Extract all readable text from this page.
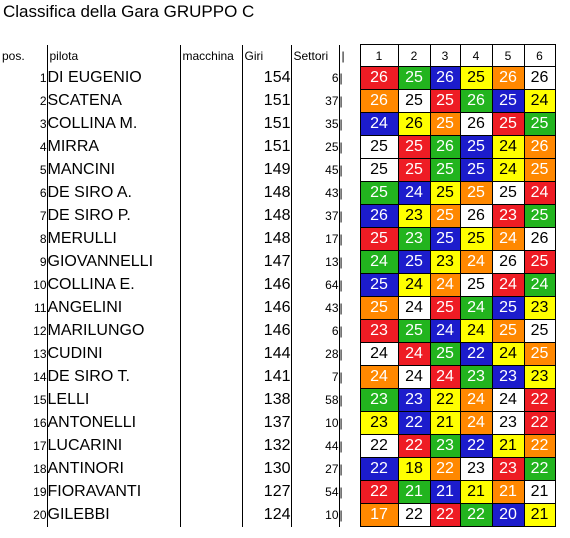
Classifica della Gara GRUPPO C
pos.	pilota	macchina	Giri	Settori	|	1	2	3	4	5	6
1	DI EUGENIO		154	6	|	26	25	26	25	26	26
2	SCATENA		151	37	|	26	25	25	26	25	24
3	COLLINA M.		151	35	|	24	26	25	26	25	25
4	MIRRA		151	25	|	25	25	26	25	24	26
5	MANCINI		149	45	|	25	25	25	25	24	25
6	DE SIRO A.		148	43	|	25	24	25	25	25	24
7	DE SIRO P.		148	37	|	26	23	25	26	23	25
8	MERULLI		148	17	|	25	23	25	25	24	26
9	GIOVANNELLI		147	13	|	24	25	23	24	26	25
10	COLLINA E.		146	64	|	25	24	24	25	24	24
11	ANGELINI		146	43	|	25	24	25	24	25	23
12	MARILUNGO		146	6	|	23	25	24	24	25	25
13	CUDINI		144	28	|	24	24	25	22	24	25
14	DE SIRO T.		141	7	|	24	24	24	23	23	23
15	LELLI		138	58	|	23	23	22	24	24	22
16	ANTONELLI		137	10	|	23	22	21	24	23	22
17	LUCARINI		132	44	|	22	22	23	22	21	22
18	ANTINORI		130	27	|	22	18	22	23	23	22
19	FIORAVANTI		127	54	|	22	21	21	21	21	21
20	GILEBBI		124	10	|	17	22	22	22	20	21
